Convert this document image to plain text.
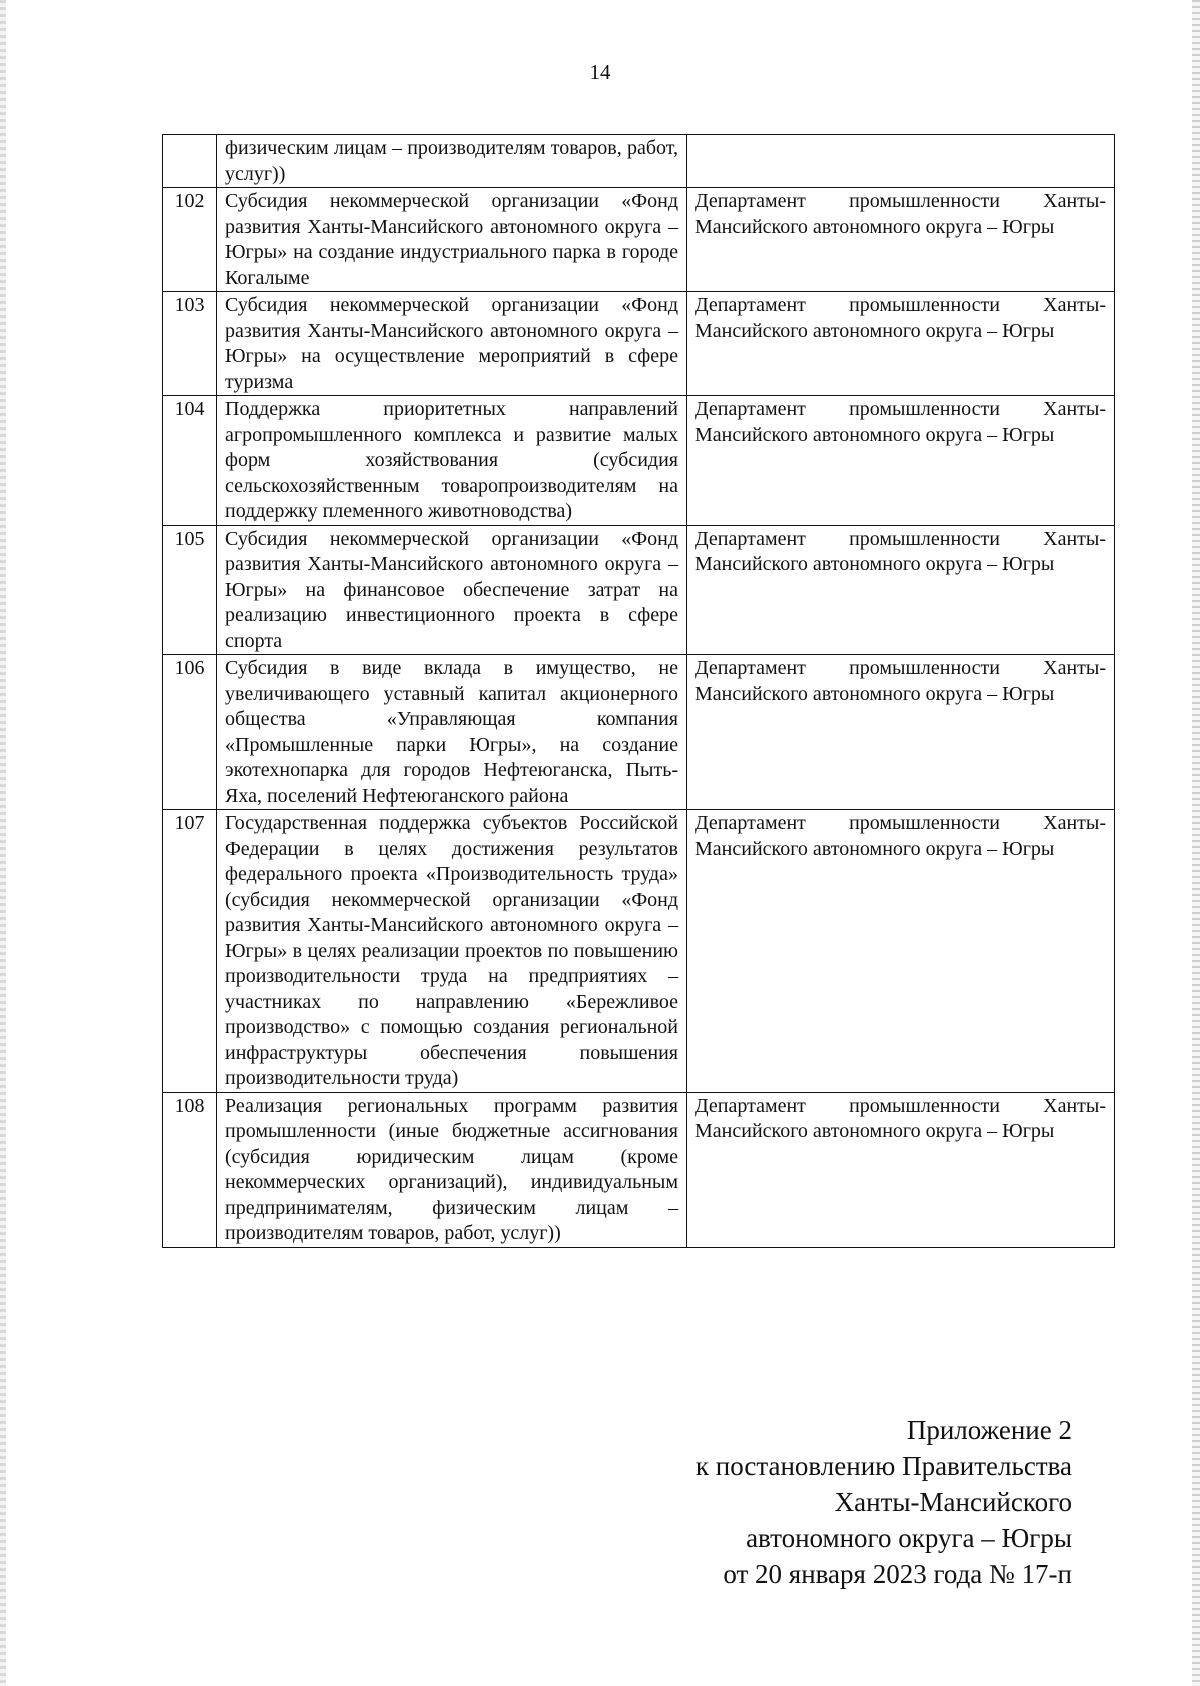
14
	физическим лицам – производителям товаров, работ, услуг))	
102	Субсидия некоммерческой организации «Фонд развития Ханты-Мансийского автономного округа – Югры» на создание индустриального парка в городе Когалыме	Департамент промышленности Ханты-Мансийского автономного округа – Югры
103	Субсидия некоммерческой организации «Фонд развития Ханты-Мансийского автономного округа – Югры» на осуществление мероприятий в сфере туризма	Департамент промышленности Ханты-Мансийского автономного округа – Югры
104	Поддержка приоритетных направлений агропромышленного комплекса и развитие малых форм хозяйствования (субсидия сельскохозяйственным товаропроизводителям на поддержку племенного животноводства)	Департамент промышленности Ханты-Мансийского автономного округа – Югры
105	Субсидия некоммерческой организации «Фонд развития Ханты-Мансийского автономного округа – Югры» на финансовое обеспечение затрат на реализацию инвестиционного проекта в сфере спорта	Департамент промышленности Ханты-Мансийского автономного округа – Югры
106	Субсидия в виде вклада в имущество, не увеличивающего уставный капитал акционерного общества «Управляющая компания «Промышленные парки Югры», на создание экотехнопарка для городов Нефтеюганска, Пыть-Яха, поселений Нефтеюганского района	Департамент промышленности Ханты-Мансийского автономного округа – Югры
107	Государственная поддержка субъектов Российской Федерации в целях достижения результатов федерального проекта «Производительность труда» (субсидия некоммерческой организации «Фонд развития Ханты-Мансийского автономного округа – Югры» в целях реализации проектов по повышению производительности труда на предприятиях – участниках по направлению «Бережливое производство» с помощью создания региональной инфраструктуры обеспечения повышения производительности труда)	Департамент промышленности Ханты-Мансийского автономного округа – Югры
108	Реализация региональных программ развития промышленности (иные бюджетные ассигнования (субсидия юридическим лицам (кроме некоммерческих организаций), индивидуальным предпринимателям, физическим лицам – производителям товаров, работ, услуг))	Департамент промышленности Ханты-Мансийского автономного округа – Югры
Приложение 2
к постановлению Правительства
Ханты-Мансийского
автономного округа – Югры
от 20 января 2023 года № 17-п
